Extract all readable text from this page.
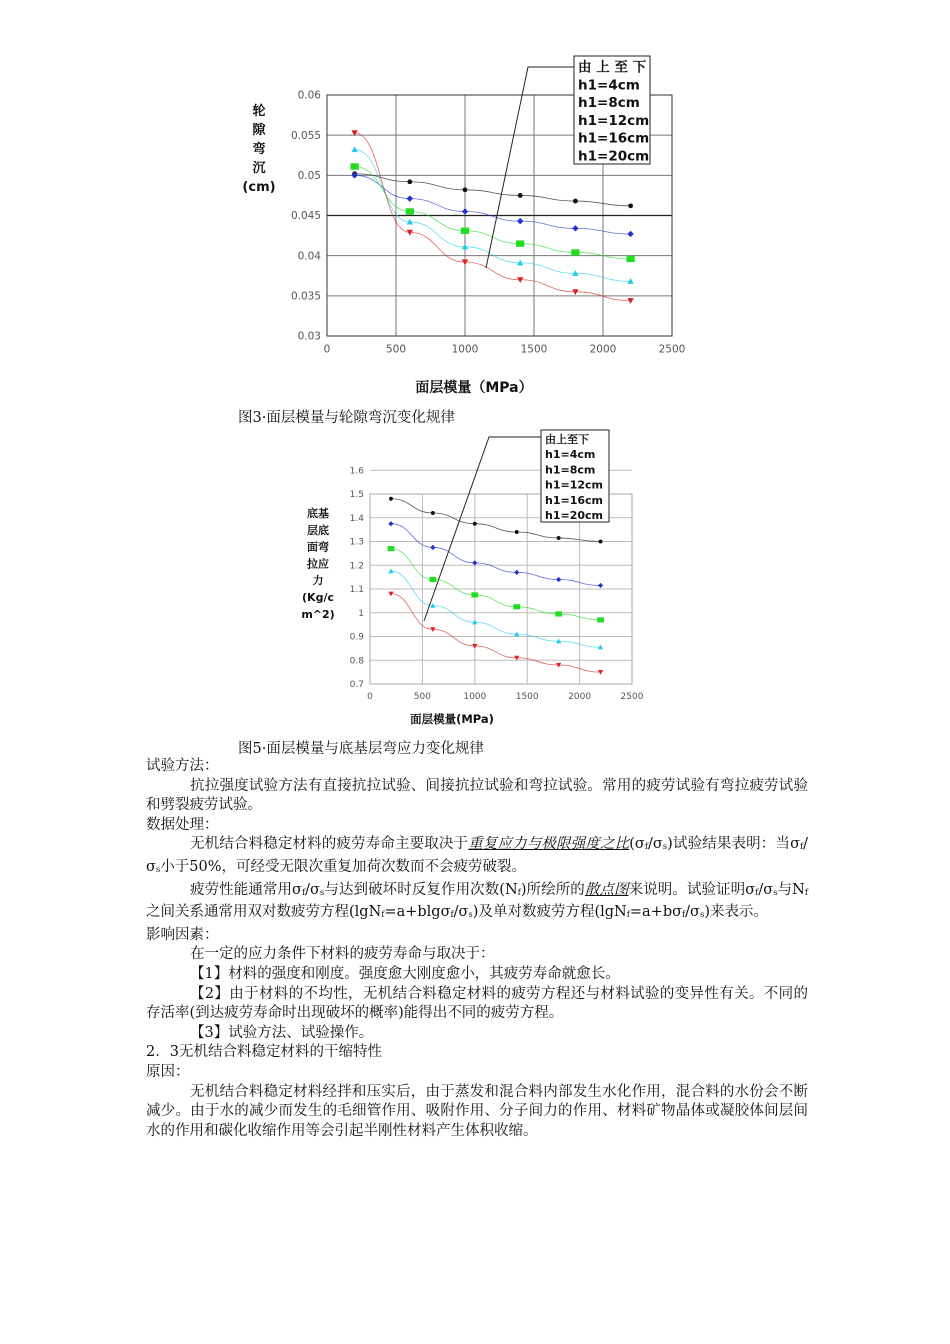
0	500	1000	1500	2000	2500
0.03
0.035
0.04
0.045
0.05
0.055
0.06
轮
隙
弯
沉
(cm)
面层模量（MPa）
由 上 至 下
h1=4cm
h1=8cm
h1=12cm
h1=16cm
h1=20cm
0	500	1000	1500	2000	2500
0.7
0.8
0.9
1
1.1
1.2
1.3
1.4
1.5
1.6
底基
层底
面弯
拉应
力
(Kg/c
m^2)
面层模量(MPa)
由上至下
h1=4cm
h1=8cm
h1=12cm
h1=16cm
h1=20cm
图3·面层模量与轮隙弯沉变化规律
图5·面层模量与底基层弯应力变化规律

试验方法：

抗拉强度试验方法有直接抗拉试验、间接抗拉试验和弯拉试验。常用的疲劳试验有弯拉疲劳试验和劈裂疲劳试验。

数据处理：

无机结合料稳定材料的疲劳寿命主要取决于重复应力与极限强度之比(σf/σs)试验结果表明：当σf/σs小于50%，可经受无限次重复加荷次数而不会疲劳破裂。

疲劳性能通常用σf/σs与达到破坏时反复作用次数(Nf)所绘所的散点图来说明。试验证明σf/σs与Nf之间关系通常用双对数疲劳方程(lgNf=a+blgσf/σs)及单对数疲劳方程(lgNf=a+bσf/σs)来表示。

影响因素：

在一定的应力条件下材料的疲劳寿命与取决于：

【1】材料的强度和刚度。强度愈大刚度愈小，其疲劳寿命就愈长。

【2】由于材料的不均性，无机结合料稳定材料的疲劳方程还与材料试验的变异性有关。不同的存活率(到达疲劳寿命时出现破坏的概率)能得出不同的疲劳方程。

【3】试验方法、试验操作。

2．3无机结合料稳定材料的干缩特性

原因：

无机结合料稳定材料经拌和压实后，由于蒸发和混合料内部发生水化作用，混合料的水份会不断减少。由于水的减少而发生的毛细管作用、吸附作用、分子间力的作用、材料矿物晶体或凝胶体间层间水的作用和碳化收缩作用等会引起半刚性材料产生体积收缩。
